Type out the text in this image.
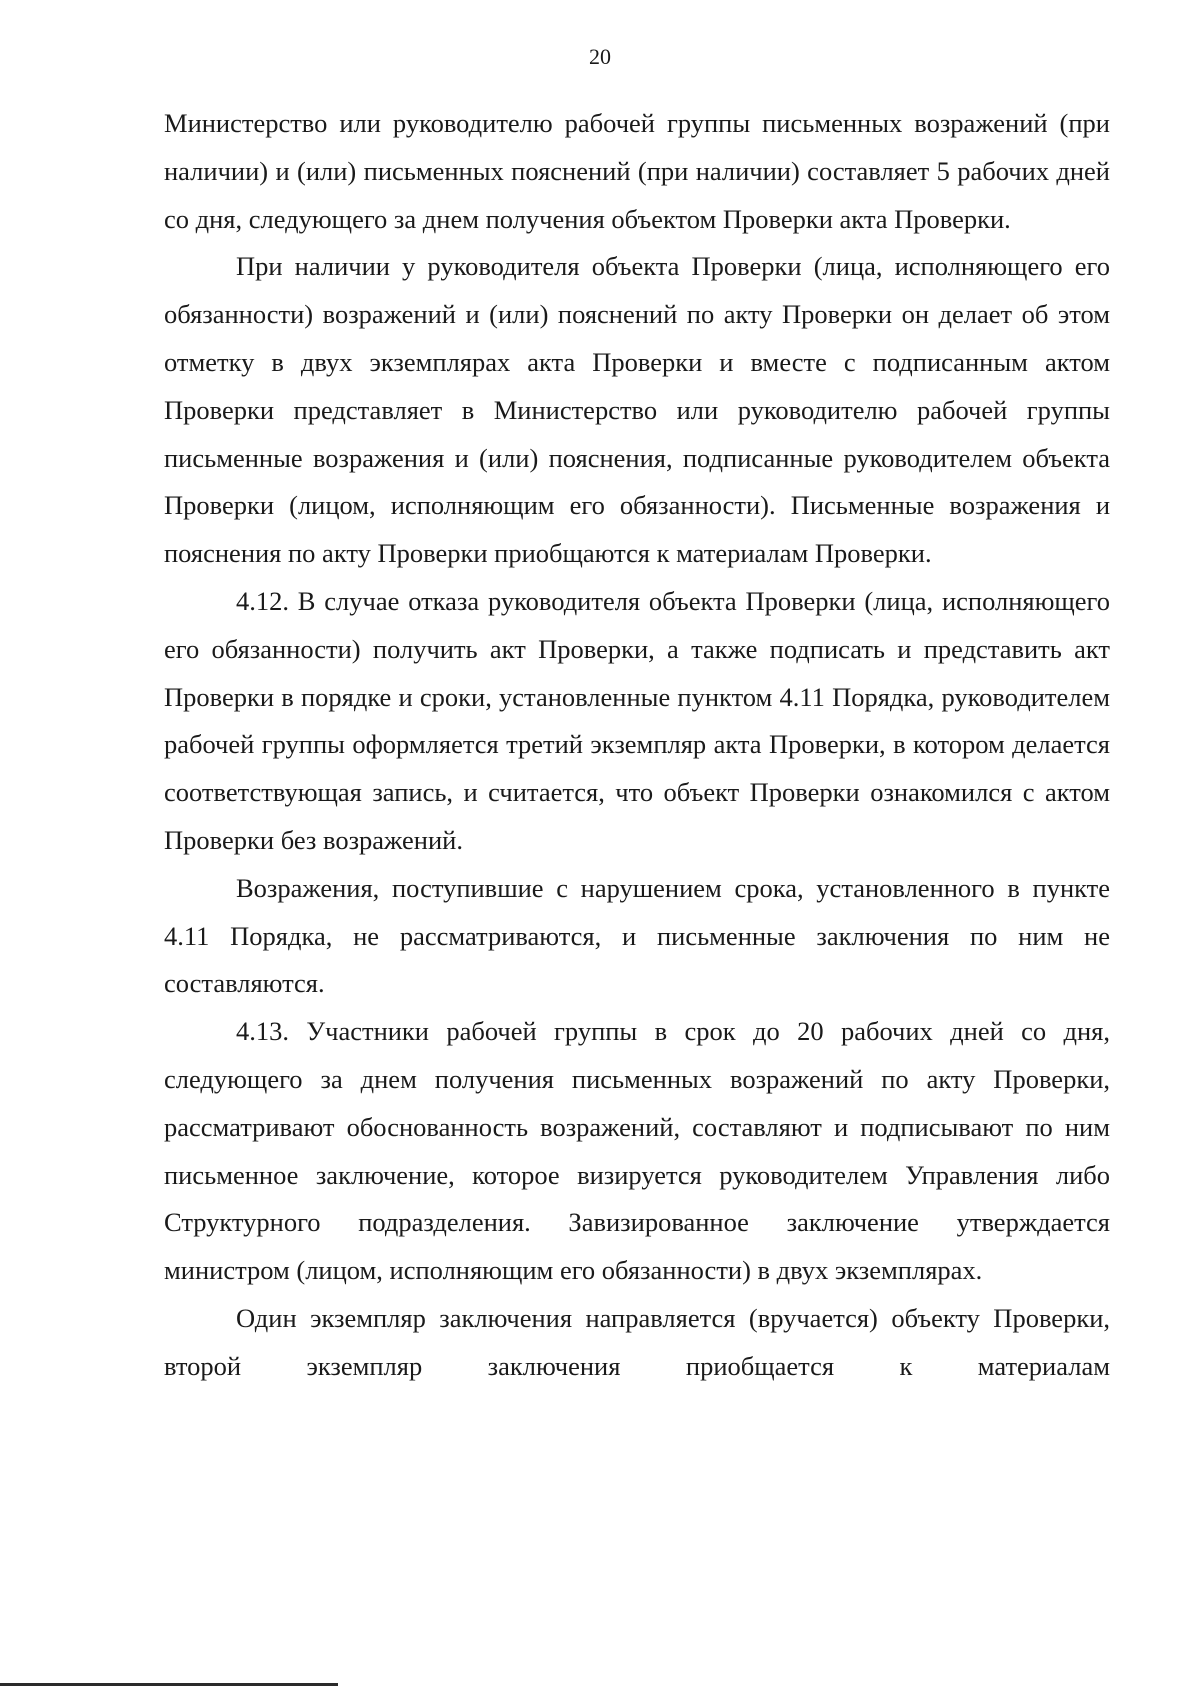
20

Министерство или руководителю рабочей группы письменных возражений (при наличии) и (или) письменных пояснений (при наличии) составляет 5 рабочих дней со дня, следующего за днем получения объектом Проверки акта Проверки.

При наличии у руководителя объекта Проверки (лица, исполняющего его обязанности) возражений и (или) пояснений по акту Проверки он делает об этом отметку в двух экземплярах акта Проверки и вместе с подписанным актом Проверки представляет в Министерство или руководителю рабочей группы письменные возражения и (или) пояснения, подписанные руководителем объекта Проверки (лицом, исполняющим его обязанности). Письменные возражения и пояснения по акту Проверки приобщаются к материалам Проверки.

4.12. В случае отказа руководителя объекта Проверки (лица, исполняющего его обязанности) получить акт Проверки, а также подписать и представить акт Проверки в порядке и сроки, установленные пунктом 4.11 Порядка, руководителем рабочей группы оформляется третий экземпляр акта Проверки, в котором делается соответствующая запись, и считается, что объект Проверки ознакомился с актом Проверки без возражений.

Возражения, поступившие с нарушением срока, установленного в пункте 4.11 Порядка, не рассматриваются, и письменные заключения по ним не составляются.

4.13. Участники рабочей группы в срок до 20 рабочих дней со дня, следующего за днем получения письменных возражений по акту Проверки, рассматривают обоснованность возражений, составляют и подписывают по ним письменное заключение, которое визируется руководителем Управления либо Структурного подразделения. Завизированное заключение утверждается министром (лицом, исполняющим его обязанности) в двух экземплярах.

Один экземпляр заключения направляется (вручается) объекту Проверки, второй экземпляр заключения приобщается к материалам
